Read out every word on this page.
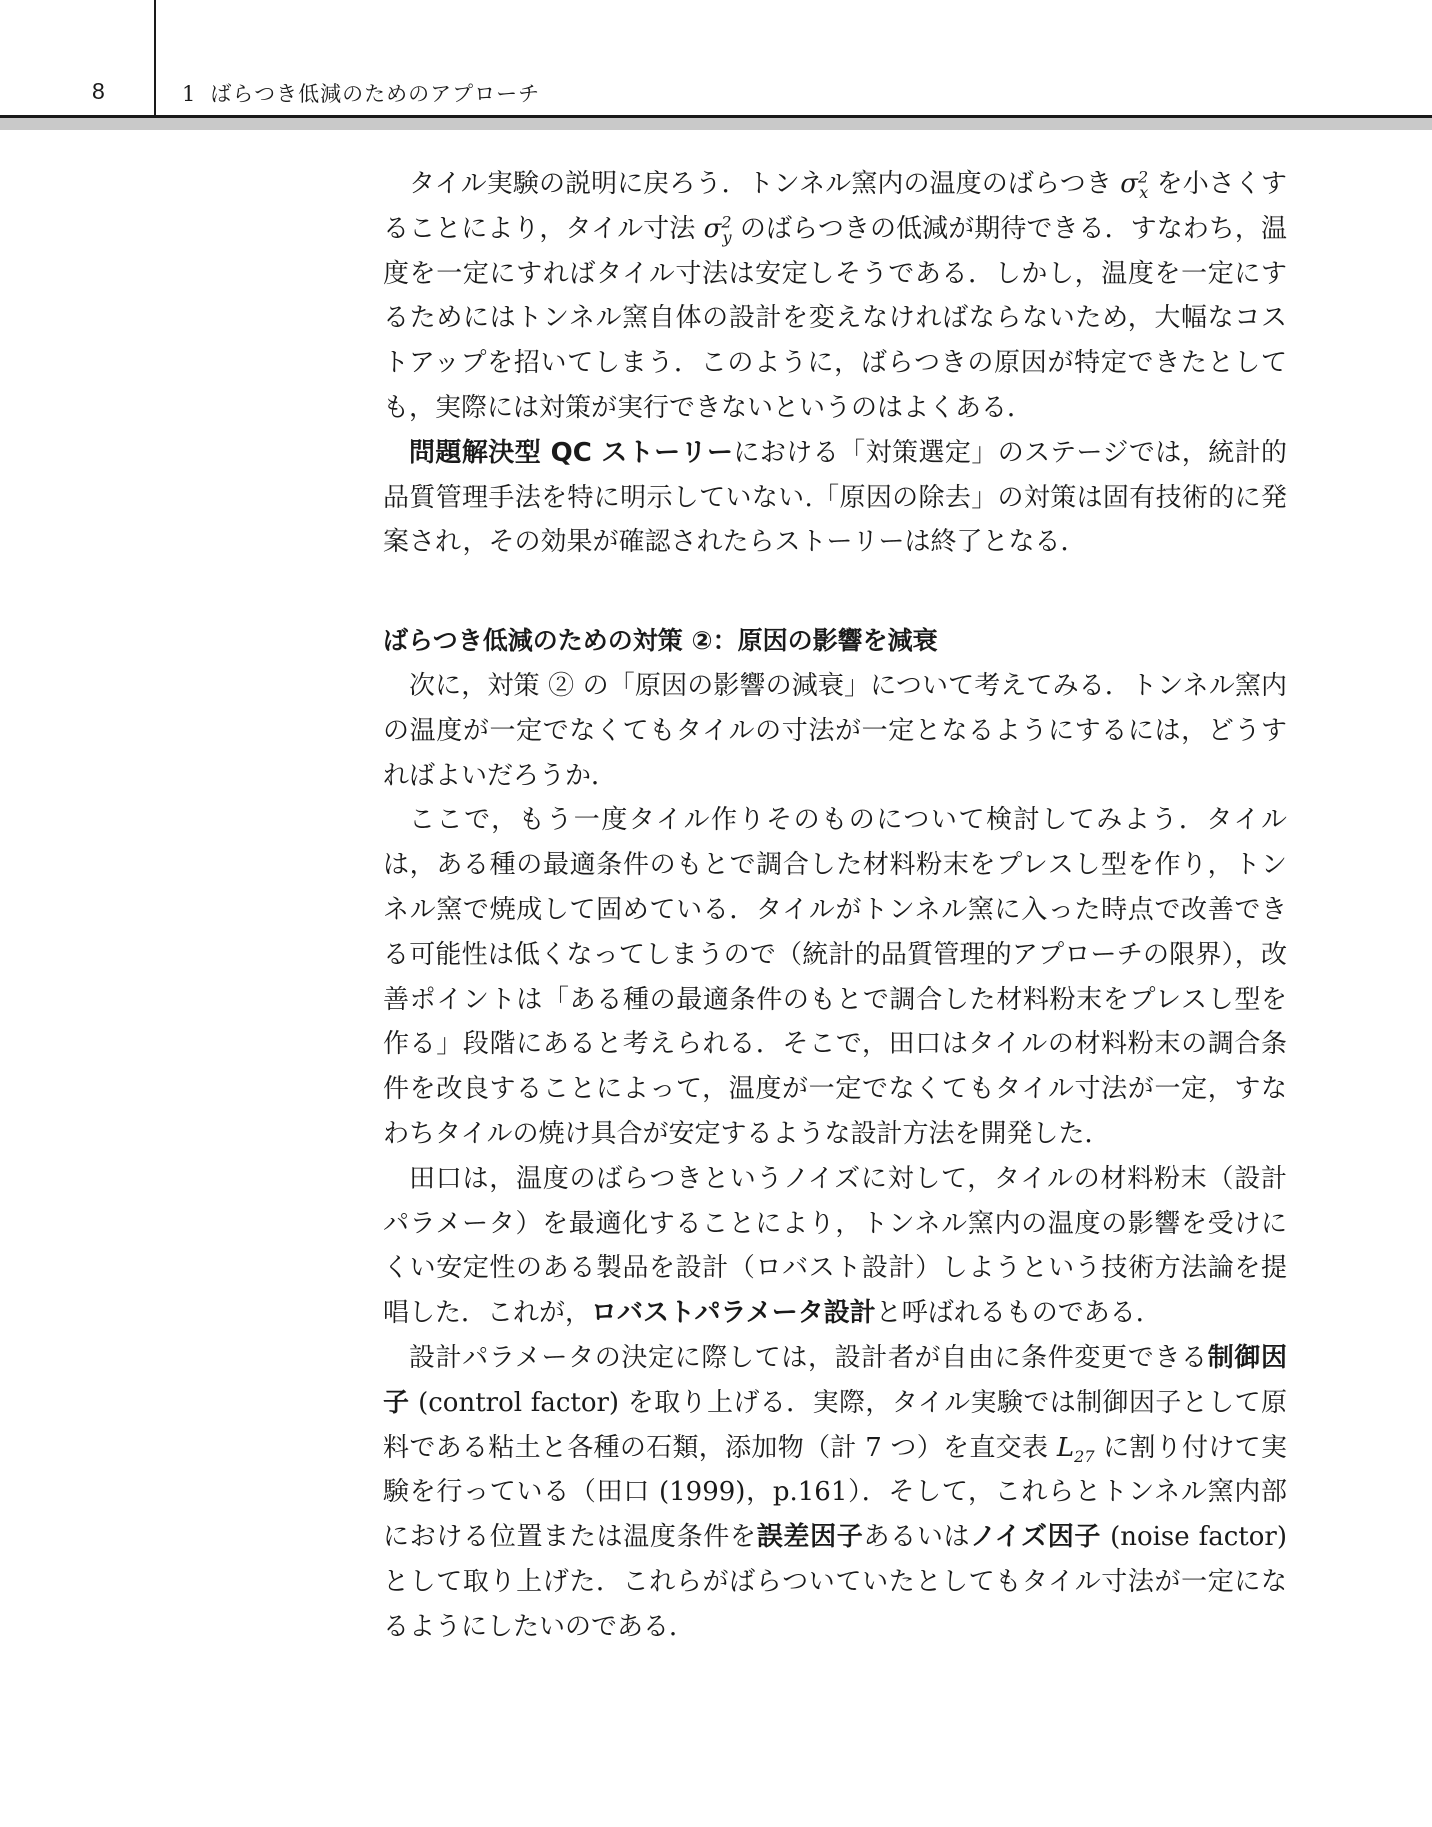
8	1 ばらつき低減のためのアプローチ

タイル実験の説明に戻ろう．トンネル窯内の温度のばらつき $\sigma^2_x$ を小さくすることにより，タイル寸法 $\sigma^2_y$ のばらつきの低減が期待できる．すなわち，温度を一定にすればタイル寸法は安定しそうである．しかし，温度を一定にするためにはトンネル窯自体の設計を変えなければならないため，大幅なコストアップを招いてしまう．このように，ばらつきの原因が特定できたとしても，実際には対策が実行できないというのはよくある．

問題解決型 QC ストーリーにおける「対策選定」のステージでは，統計的品質管理手法を特に明示していない.「原因の除去」の対策は固有技術的に発案され，その効果が確認されたらストーリーは終了となる．

ばらつき低減のための対策 ②：原因の影響を減衰

次に，対策 ② の「原因の影響の減衰」について考えてみる．トンネル窯内の温度が一定でなくてもタイルの寸法が一定となるようにするには，どうすればよいだろうか．

ここで，もう一度タイル作りそのものについて検討してみよう．タイルは，ある種の最適条件のもとで調合した材料粉末をプレスし型を作り，トンネル窯で焼成して固めている．タイルがトンネル窯に入った時点で改善できる可能性は低くなってしまうので（統計的品質管理的アプローチの限界），改善ポイントは「ある種の最適条件のもとで調合した材料粉末をプレスし型を作る」段階にあると考えられる．そこで，田口はタイルの材料粉末の調合条件を改良することによって，温度が一定でなくてもタイル寸法が一定，すなわちタイルの焼け具合が安定するような設計方法を開発した．

田口は，温度のばらつきというノイズに対して，タイルの材料粉末（設計パラメータ）を最適化することにより，トンネル窯内の温度の影響を受けにくい安定性のある製品を設計（ロバスト設計）しようという技術方法論を提唱した．これが，ロバストパラメータ設計と呼ばれるものである．

設計パラメータの決定に際しては，設計者が自由に条件変更できる制御因子 (control factor) を取り上げる．実際，タイル実験では制御因子として原料である粘土と各種の石類，添加物（計 7 つ）を直交表 $L_{27}$ に割り付けて実験を行っている（田口 (1999)，p.161）．そして，これらとトンネル窯内部における位置または温度条件を誤差因子あるいはノイズ因子 (noise factor) として取り上げた．これらがばらついていたとしてもタイル寸法が一定になるようにしたいのである．
